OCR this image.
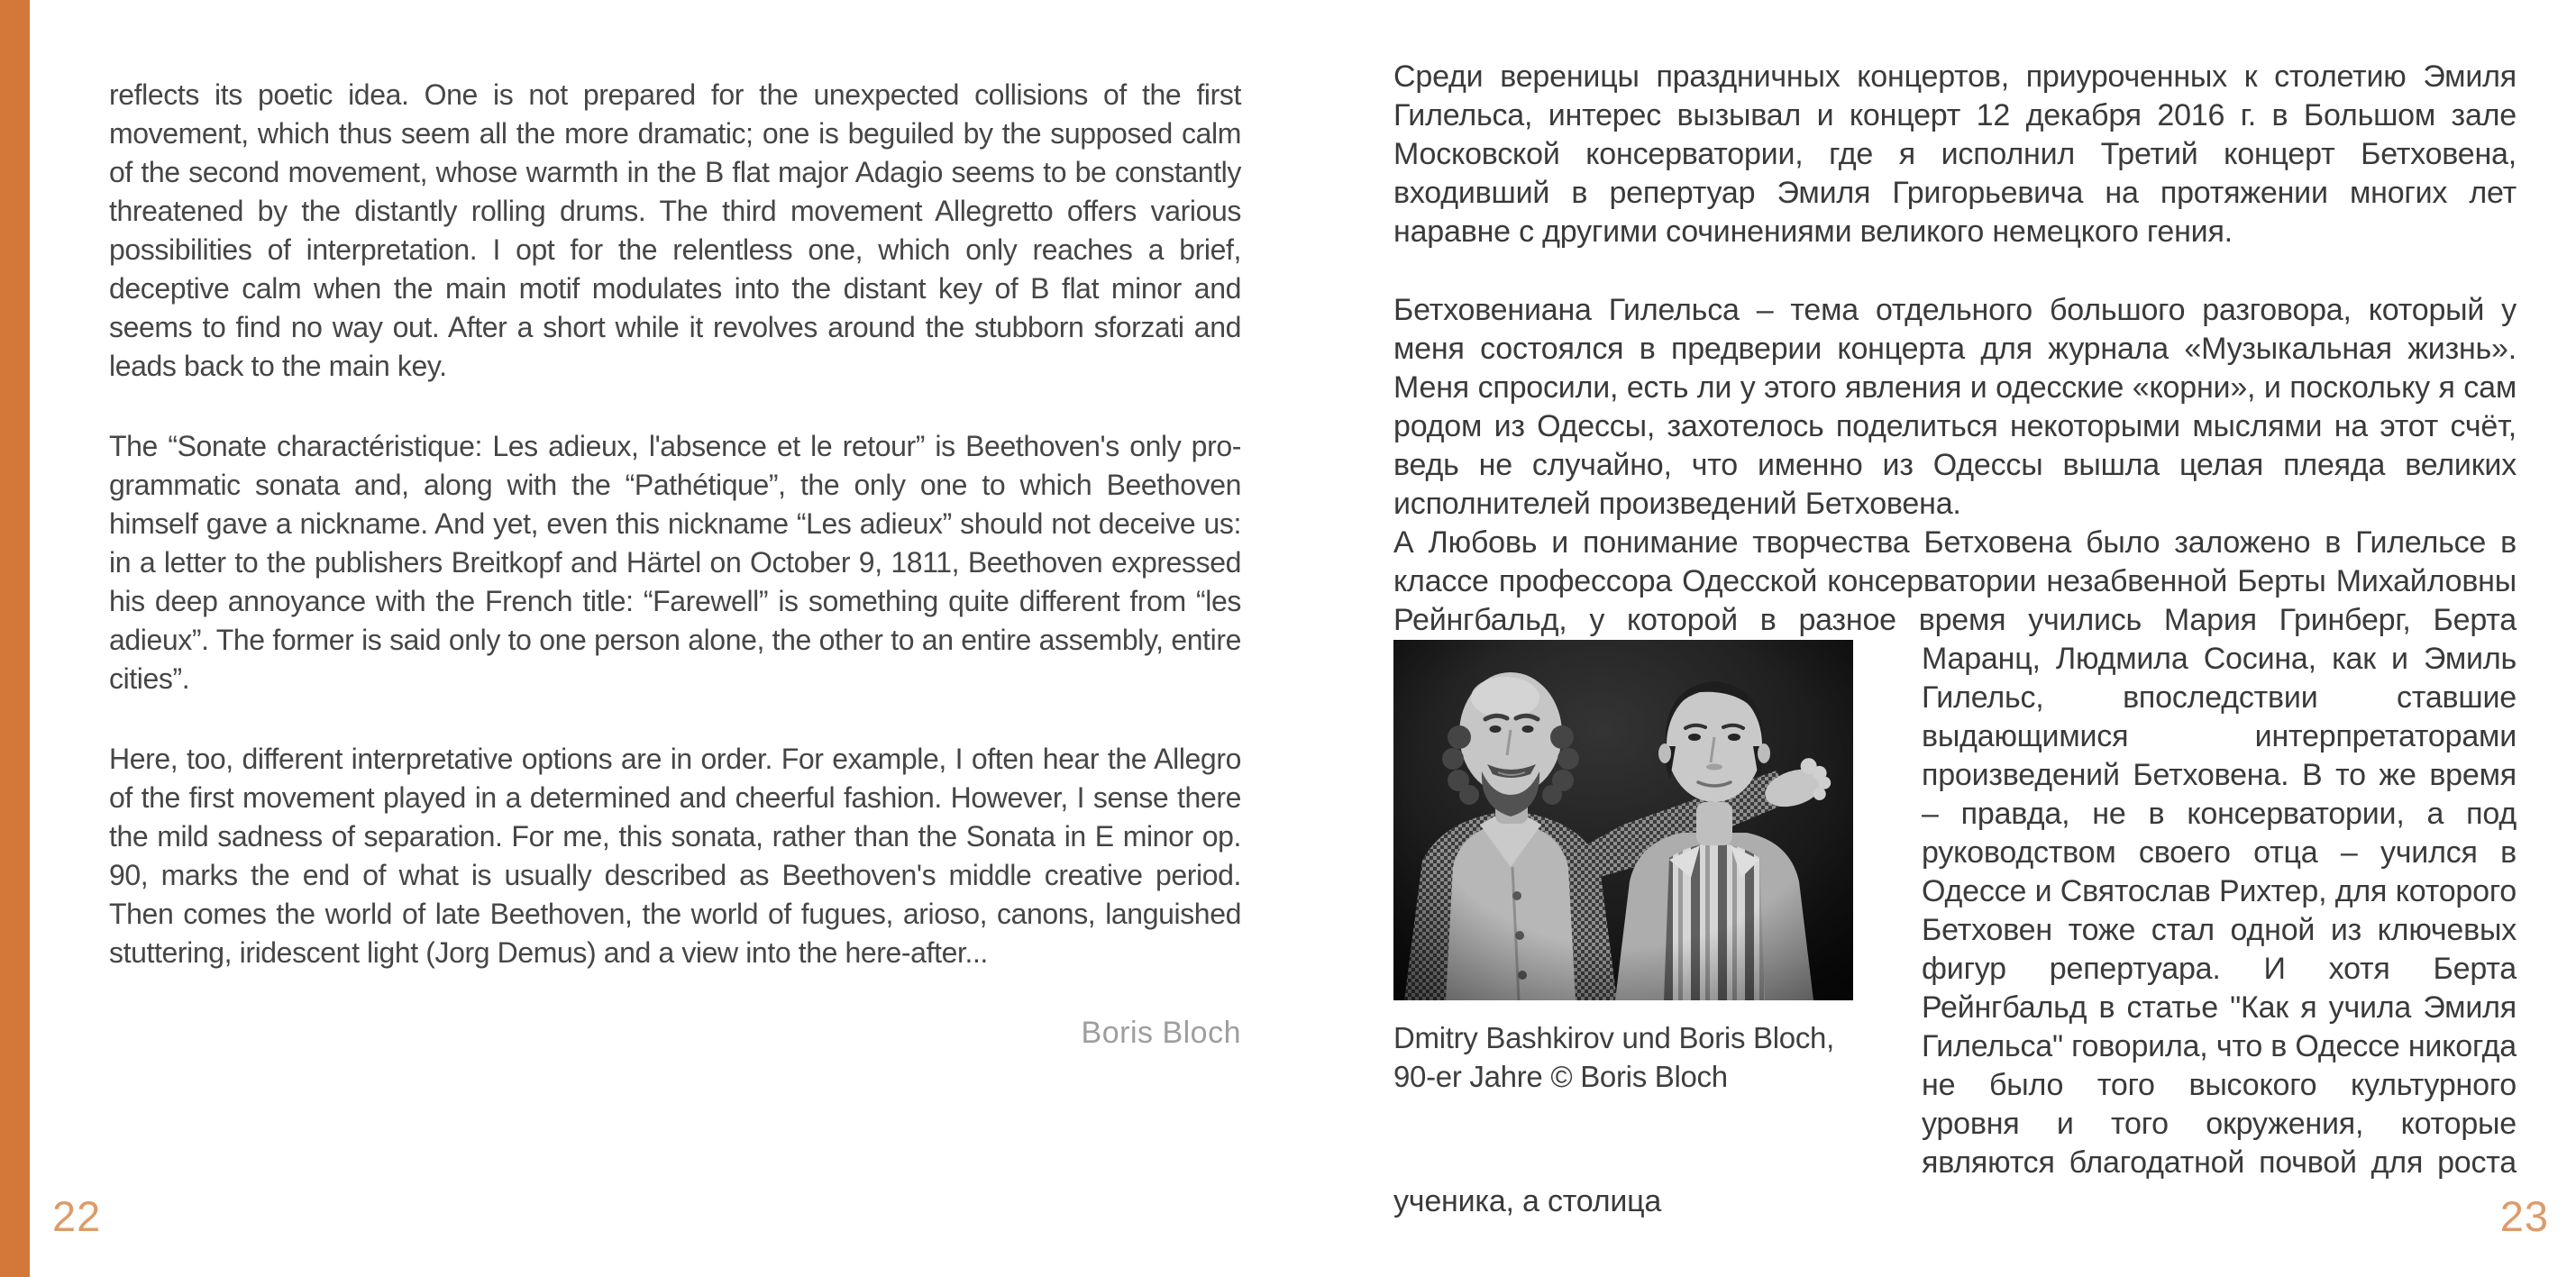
reflects its poetic idea. One is not prepared for the unexpected collisions of the first movement, which thus seem all the more dramatic; one is beguiled by the supposed calm of the second movement, whose warmth in the B flat major Adagio seems to be constantly threatened by the distantly rolling drums. The third movement Allegretto offers various possibilities of interpretation. I opt for the relentless one, which only reaches a brief, deceptive calm when the main motif modulates into the distant key of B flat minor and seems to find no way out. After a short while it revolves around the stubborn sforzati and leads back to the main key.

The “Sonate charactéristique: Les adieux, l'absence et le retour” is Beethoven's only pro-grammatic sonata and, along with the “Pathétique”, the only one to which Beethoven himself gave a nickname. And yet, even this nickname “Les adieux” should not deceive us: in a letter to the publishers Breitkopf and Härtel on October 9, 1811, Beethoven expressed his deep annoyance with the French title: “Farewell” is something quite different from “les adieux”. The former is said only to one person alone, the other to an entire assembly, entire cities”.

Here, too, different interpretative options are in order. For example, I often hear the Allegro of the first movement played in a determined and cheerful fashion. However, I sense there the mild sadness of separation. For me, this sonata, rather than the Sonata in E minor op. 90, marks the end of what is usually described as Beethoven's middle creative period. Then comes the world of late Beethoven, the world of fugues, arioso, canons, languished stuttering, iridescent light (Jorg Demus) and a view into the here-after...

Boris Bloch

Среди вереницы праздничных концертов, приуроченных к столетию Эмиля Гилельса, интерес вызывал и концерт 12 декабря 2016 г. в Большом зале Московской консерватории, где я исполнил Третий концерт Бетховена, входивший в репертуар Эмиля Григорьевича на протяжении многих лет наравне с другими сочинениями великого немецкого гения.

Бетховениана Гилельса – тема отдельного большого разговора, который у меня состоялся в предверии концерта для журнала «Музыкальная жизнь». Меня спросили, есть ли у этого явления и одесские «корни», и поскольку я сам родом из Одессы, захотелось поделиться некоторыми мыслями на этот счёт, ведь не случайно, что именно из Одессы вышла целая плеяда великих исполнителей произведений Бетховена.

Dmitry Bashkirov und Boris Bloch,
90-er Jahre © Boris Bloch
А Любовь и понимание творчества Бетховена было заложено в Гилельсе в классе профессора Одесской консерватории незабвенной Берты Михайловны Рейнгбальд, у которой в разное время учились Мария Гринберг, Берта Маранц, Людмила Сосина, как и Эмиль Гилельс, впоследствии ставшие выдающимися интерпретаторами произведений Бетховена. В то же время – правда, не в консерватории, а под руководством своего отца – учился в Одессе и Святослав Рихтер, для которого Бетховен тоже стал одной из ключевых фигур репертуара. И хотя Берта Рейнгбальд в статье "Как я учила Эмиля Гилельса" говорила, что в Одессе никогда не было того высокого культурного уровня и того окружения, которые являются благодатной почвой для роста ученика, а столица

22	23
